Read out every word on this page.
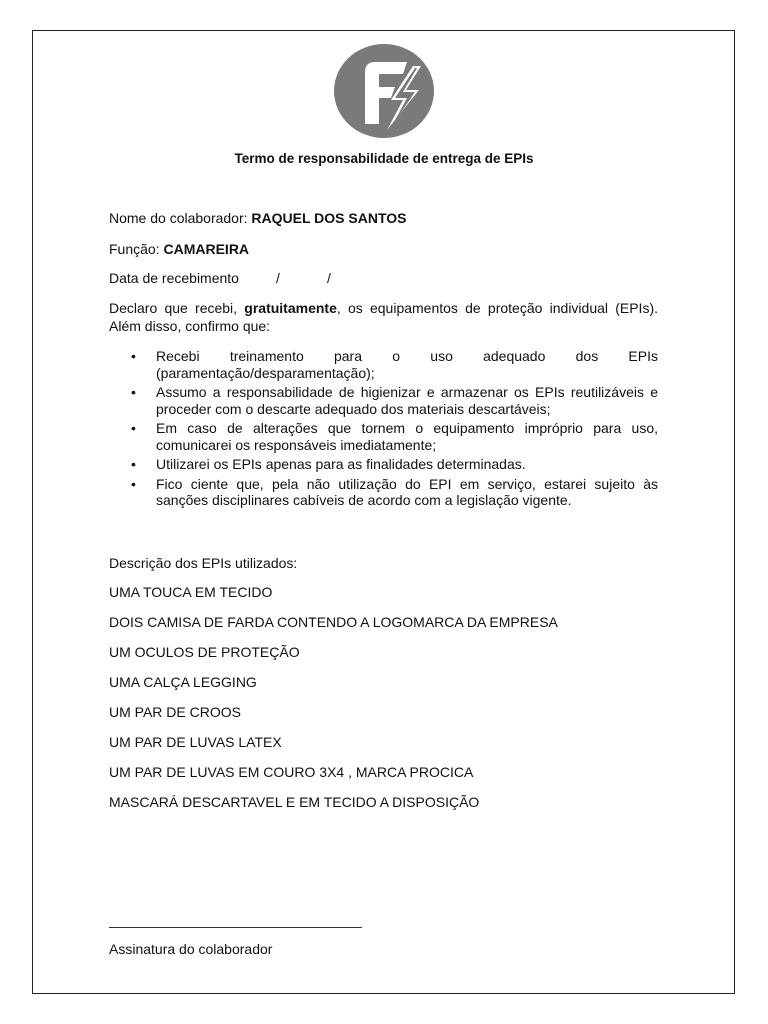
Termo de responsabilidade de entrega de EPIs
Nome do colaborador: RAQUEL DOS SANTOS
Função: CAMAREIRA
Data de recebimento	/	/
Declaro que recebi, gratuitamente, os equipamentos de proteção individual (EPIs). Além disso, confirmo que:
• Recebi treinamento para o uso adequado dos EPIs (paramentação/desparamentação);
• Assumo a responsabilidade de higienizar e armazenar os EPIs reutilizáveis e proceder com o descarte adequado dos materiais descartáveis;
• Em caso de alterações que tornem o equipamento impróprio para uso, comunicarei os responsáveis imediatamente;
• Utilizarei os EPIs apenas para as finalidades determinadas.
• Fico ciente que, pela não utilização do EPI em serviço, estarei sujeito às sanções disciplinares cabíveis de acordo com a legislação vigente.
Descrição dos EPIs utilizados:
UMA TOUCA EM TECIDO
DOIS CAMISA DE FARDA CONTENDO A LOGOMARCA DA EMPRESA
UM OCULOS DE PROTEÇÃO
UMA CALÇA LEGGING
UM PAR DE CROOS
UM PAR DE LUVAS LATEX
UM PAR DE LUVAS EM COURO 3X4 , MARCA PROCICA
MASCARÁ DESCARTAVEL E EM TECIDO A DISPOSIÇÃO
Assinatura do colaborador
